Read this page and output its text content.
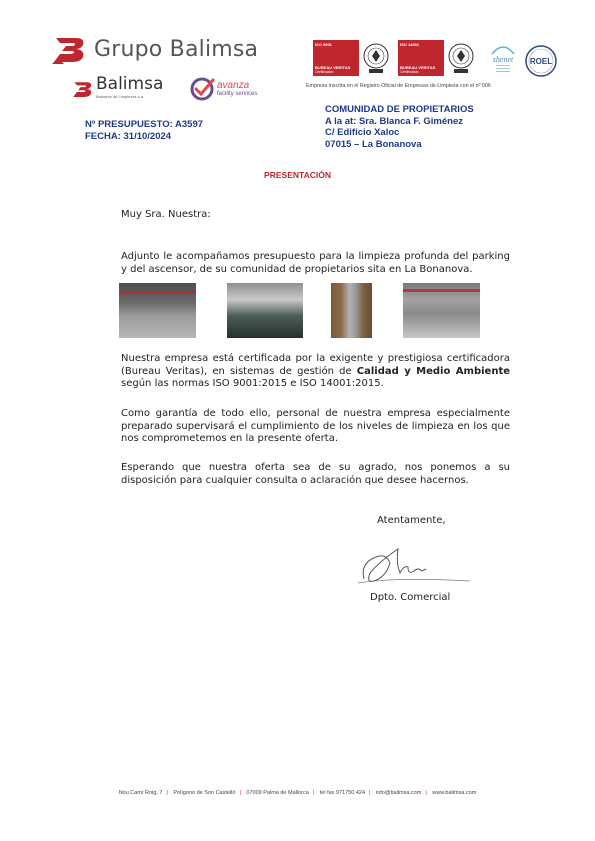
Grupo Balimsa
Balimsa
Baleares de Limpiezas s.a.
avanza
facility services
ISO 9001
BUREAU VERITAS
Certification
ISO 14001
BUREAU VERITAS
Certification
shenet ROEL
Empresa inscrita en el Registro Oficial de Empresas de Limpieza con el nº 006
Nº PRESUPUESTO: A3597
FECHA: 31/10/2024
COMUNIDAD DE PROPIETARIOS
A la at: Sra. Blanca F. Giménez
C/ Edificio Xaloc
07015 – La Bonanova
PRESENTACIÓN
Muy Sra. Nuestra:
Adjunto le acompañamos presupuesto para la limpieza profunda del parking y del ascensor, de su comunidad de propietarios sita en La Bonanova.
Nuestra empresa está certificada por la exigente y prestigiosa certificadora (Bureau Veritas), en sistemas de gestión de Calidad y Medio Ambiente según las normas ISO 9001:2015 e ISO 14001:2015.
Como garantía de todo ello, personal de nuestra empresa especialmente preparado supervisará el cumplimiento de los niveles de limpieza en los que nos comprometemos en la presente oferta.
Esperando que nuestra oferta sea de su agrado, nos ponemos a su disposición para cualquier consulta o aclaración que desee hacernos.
Atentamente,
Dpto. Comercial
Nou Camí Roig, 7 | Polígono de Son Castelló | 07009 Palma de Mallorca | tel fax 971750 424 | info@balimsa.com | www.balimsa.com
